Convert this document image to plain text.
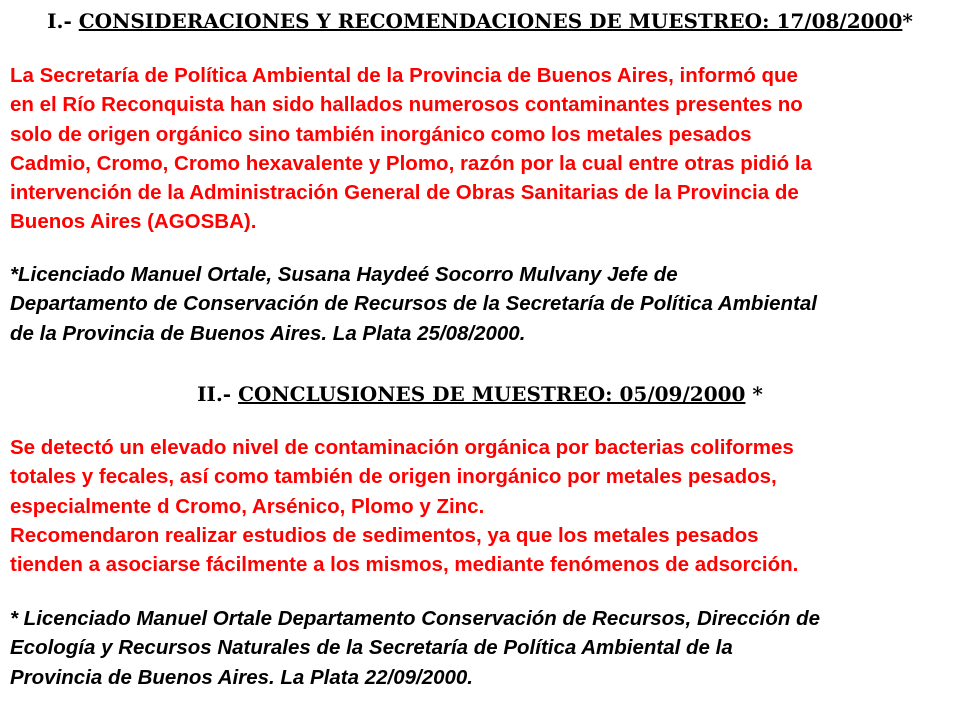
I.- CONSIDERACIONES Y RECOMENDACIONES DE MUESTREO: 17/08/2000*
La Secretaría de Política Ambiental de la Provincia de Buenos Aires, informó que
en el Río Reconquista han sido hallados numerosos contaminantes presentes no
solo de origen orgánico sino también inorgánico como los metales pesados
Cadmio, Cromo, Cromo hexavalente y Plomo, razón por la cual entre otras pidió la
intervención de la Administración General de Obras Sanitarias de la Provincia de
Buenos Aires (AGOSBA).
*Licenciado Manuel Ortale, Susana Haydeé Socorro Mulvany Jefe de
Departamento de Conservación de Recursos de la Secretaría de Política Ambiental
de la Provincia de Buenos Aires. La Plata 25/08/2000.
II.- CONCLUSIONES DE MUESTREO: 05/09/2000 *
Se detectó un elevado nivel de contaminación orgánica por bacterias coliformes
totales y fecales, así como también de origen inorgánico por metales pesados,
especialmente d Cromo, Arsénico, Plomo y Zinc.
Recomendaron realizar estudios de sedimentos, ya que los metales pesados
tienden a asociarse fácilmente a los mismos, mediante fenómenos de adsorción.
* Licenciado Manuel Ortale Departamento Conservación de Recursos, Dirección de
Ecología y Recursos Naturales de la Secretaría de Política Ambiental de la
Provincia de Buenos Aires. La Plata 22/09/2000.
